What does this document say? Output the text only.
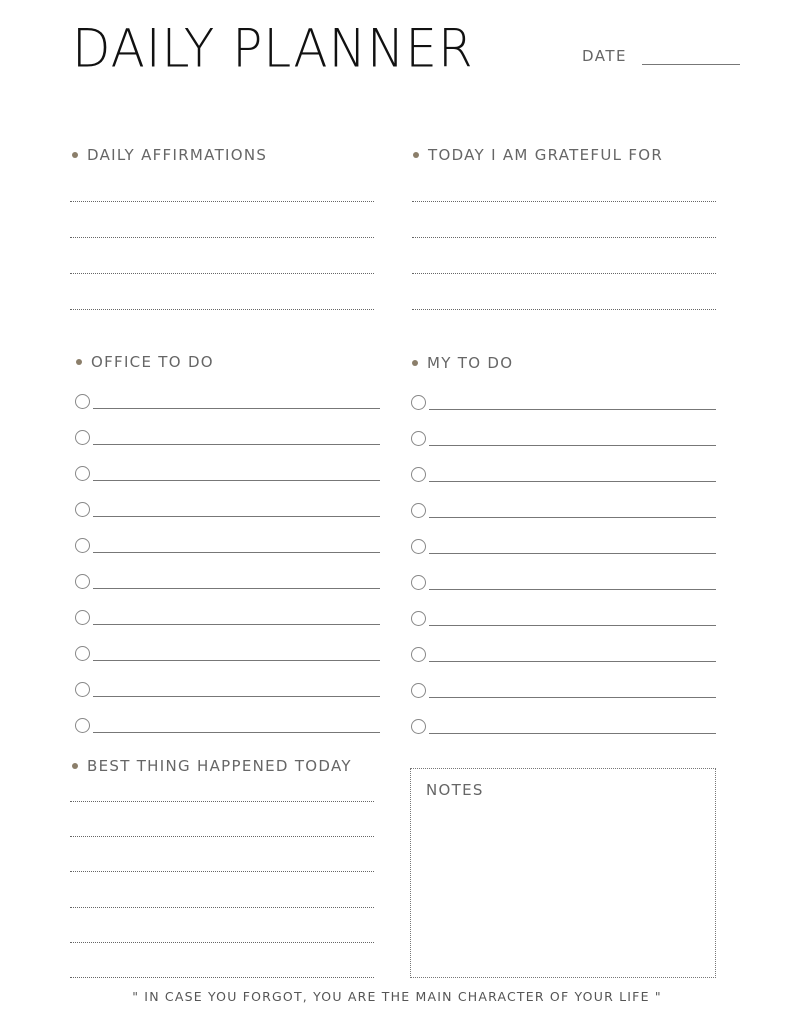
DAILY PLANNER	DATE
DAILY AFFIRMATIONS	TODAY I AM GRATEFUL FOR
OFFICE TO DO	MY TO DO
BEST THING HAPPENED TODAY
NOTES
" IN CASE YOU FORGOT, YOU ARE THE MAIN CHARACTER OF YOUR LIFE "
